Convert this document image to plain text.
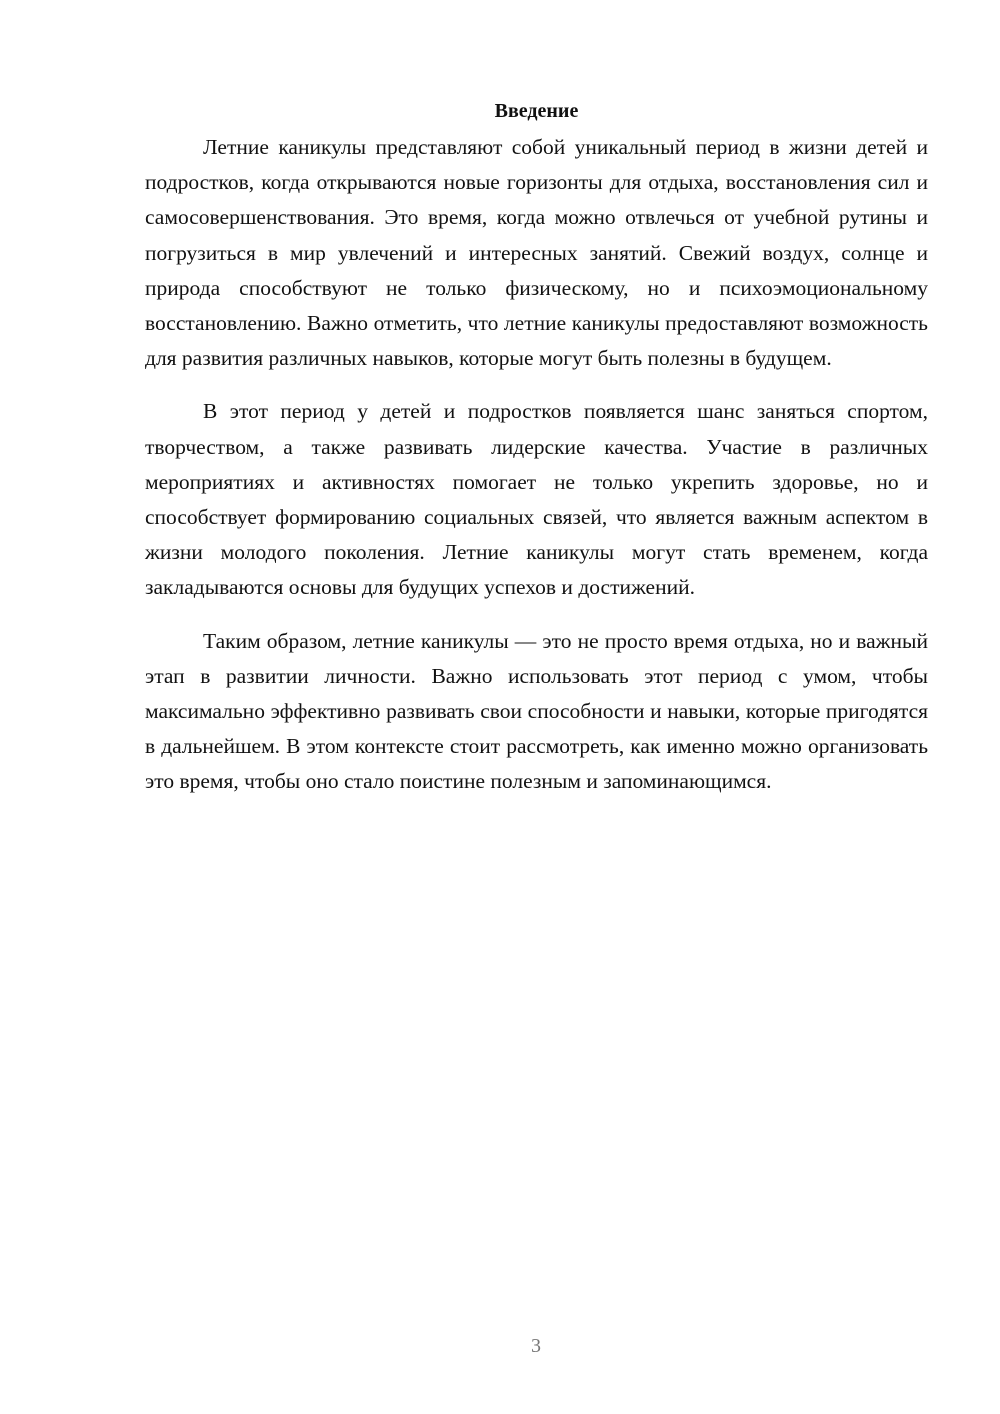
Введение

Летние каникулы представляют собой уникальный период в жизни детей и подростков, когда открываются новые горизонты для отдыха, восстановления сил и самосовершенствования. Это время, когда можно отвлечься от учебной рутины и погрузиться в мир увлечений и интересных занятий. Свежий воздух, солнце и природа способствуют не только физическому, но и психоэмоциональному восстановлению. Важно отметить, что летние каникулы предоставляют возможность для развития различных навыков, которые могут быть полезны в будущем.

В этот период у детей и подростков появляется шанс заняться спортом, творчеством, а также развивать лидерские качества. Участие в различных мероприятиях и активностях помогает не только укрепить здоровье, но и способствует формированию социальных связей, что является важным аспектом в жизни молодого поколения. Летние каникулы могут стать временем, когда закладываются основы для будущих успехов и достижений.

Таким образом, летние каникулы — это не просто время отдыха, но и важный этап в развитии личности. Важно использовать этот период с умом, чтобы максимально эффективно развивать свои способности и навыки, которые пригодятся в дальнейшем. В этом контексте стоит рассмотреть, как именно можно организовать это время, чтобы оно стало поистине полезным и запоминающимся.

3
